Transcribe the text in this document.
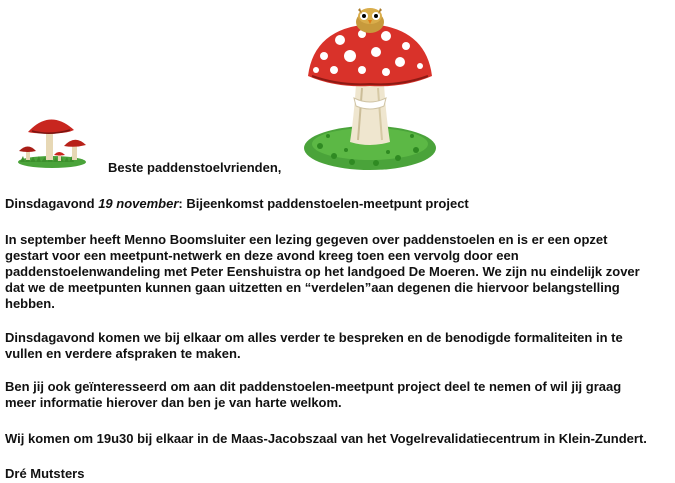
Beste paddenstoelvrienden,

Dinsdagavond 19 november: Bijeenkomst paddenstoelen-meetpunt project

In september heeft Menno Boomsluiter een lezing gegeven over paddenstoelen en is er een opzet
gestart voor een meetpunt-netwerk en deze avond kreeg toen een vervolg door een
paddenstoelenwandeling met Peter Eenshuistra op het landgoed De Moeren. We zijn nu eindelijk zover
dat we de meetpunten kunnen gaan uitzetten en “verdelen”aan degenen die hiervoor belangstelling
hebben.

Dinsdagavond komen we bij elkaar om alles verder te bespreken en de benodigde formaliteiten in te
vullen en verdere afspraken te maken.

Ben jij ook geïnteresseerd om aan dit paddenstoelen-meetpunt project deel te nemen of wil jij graag
meer informatie hierover dan ben je van harte welkom.

Wij komen om 19u30 bij elkaar in de Maas-Jacobszaal van het Vogelrevalidatiecentrum in Klein-Zundert.

Dré Mutsters
